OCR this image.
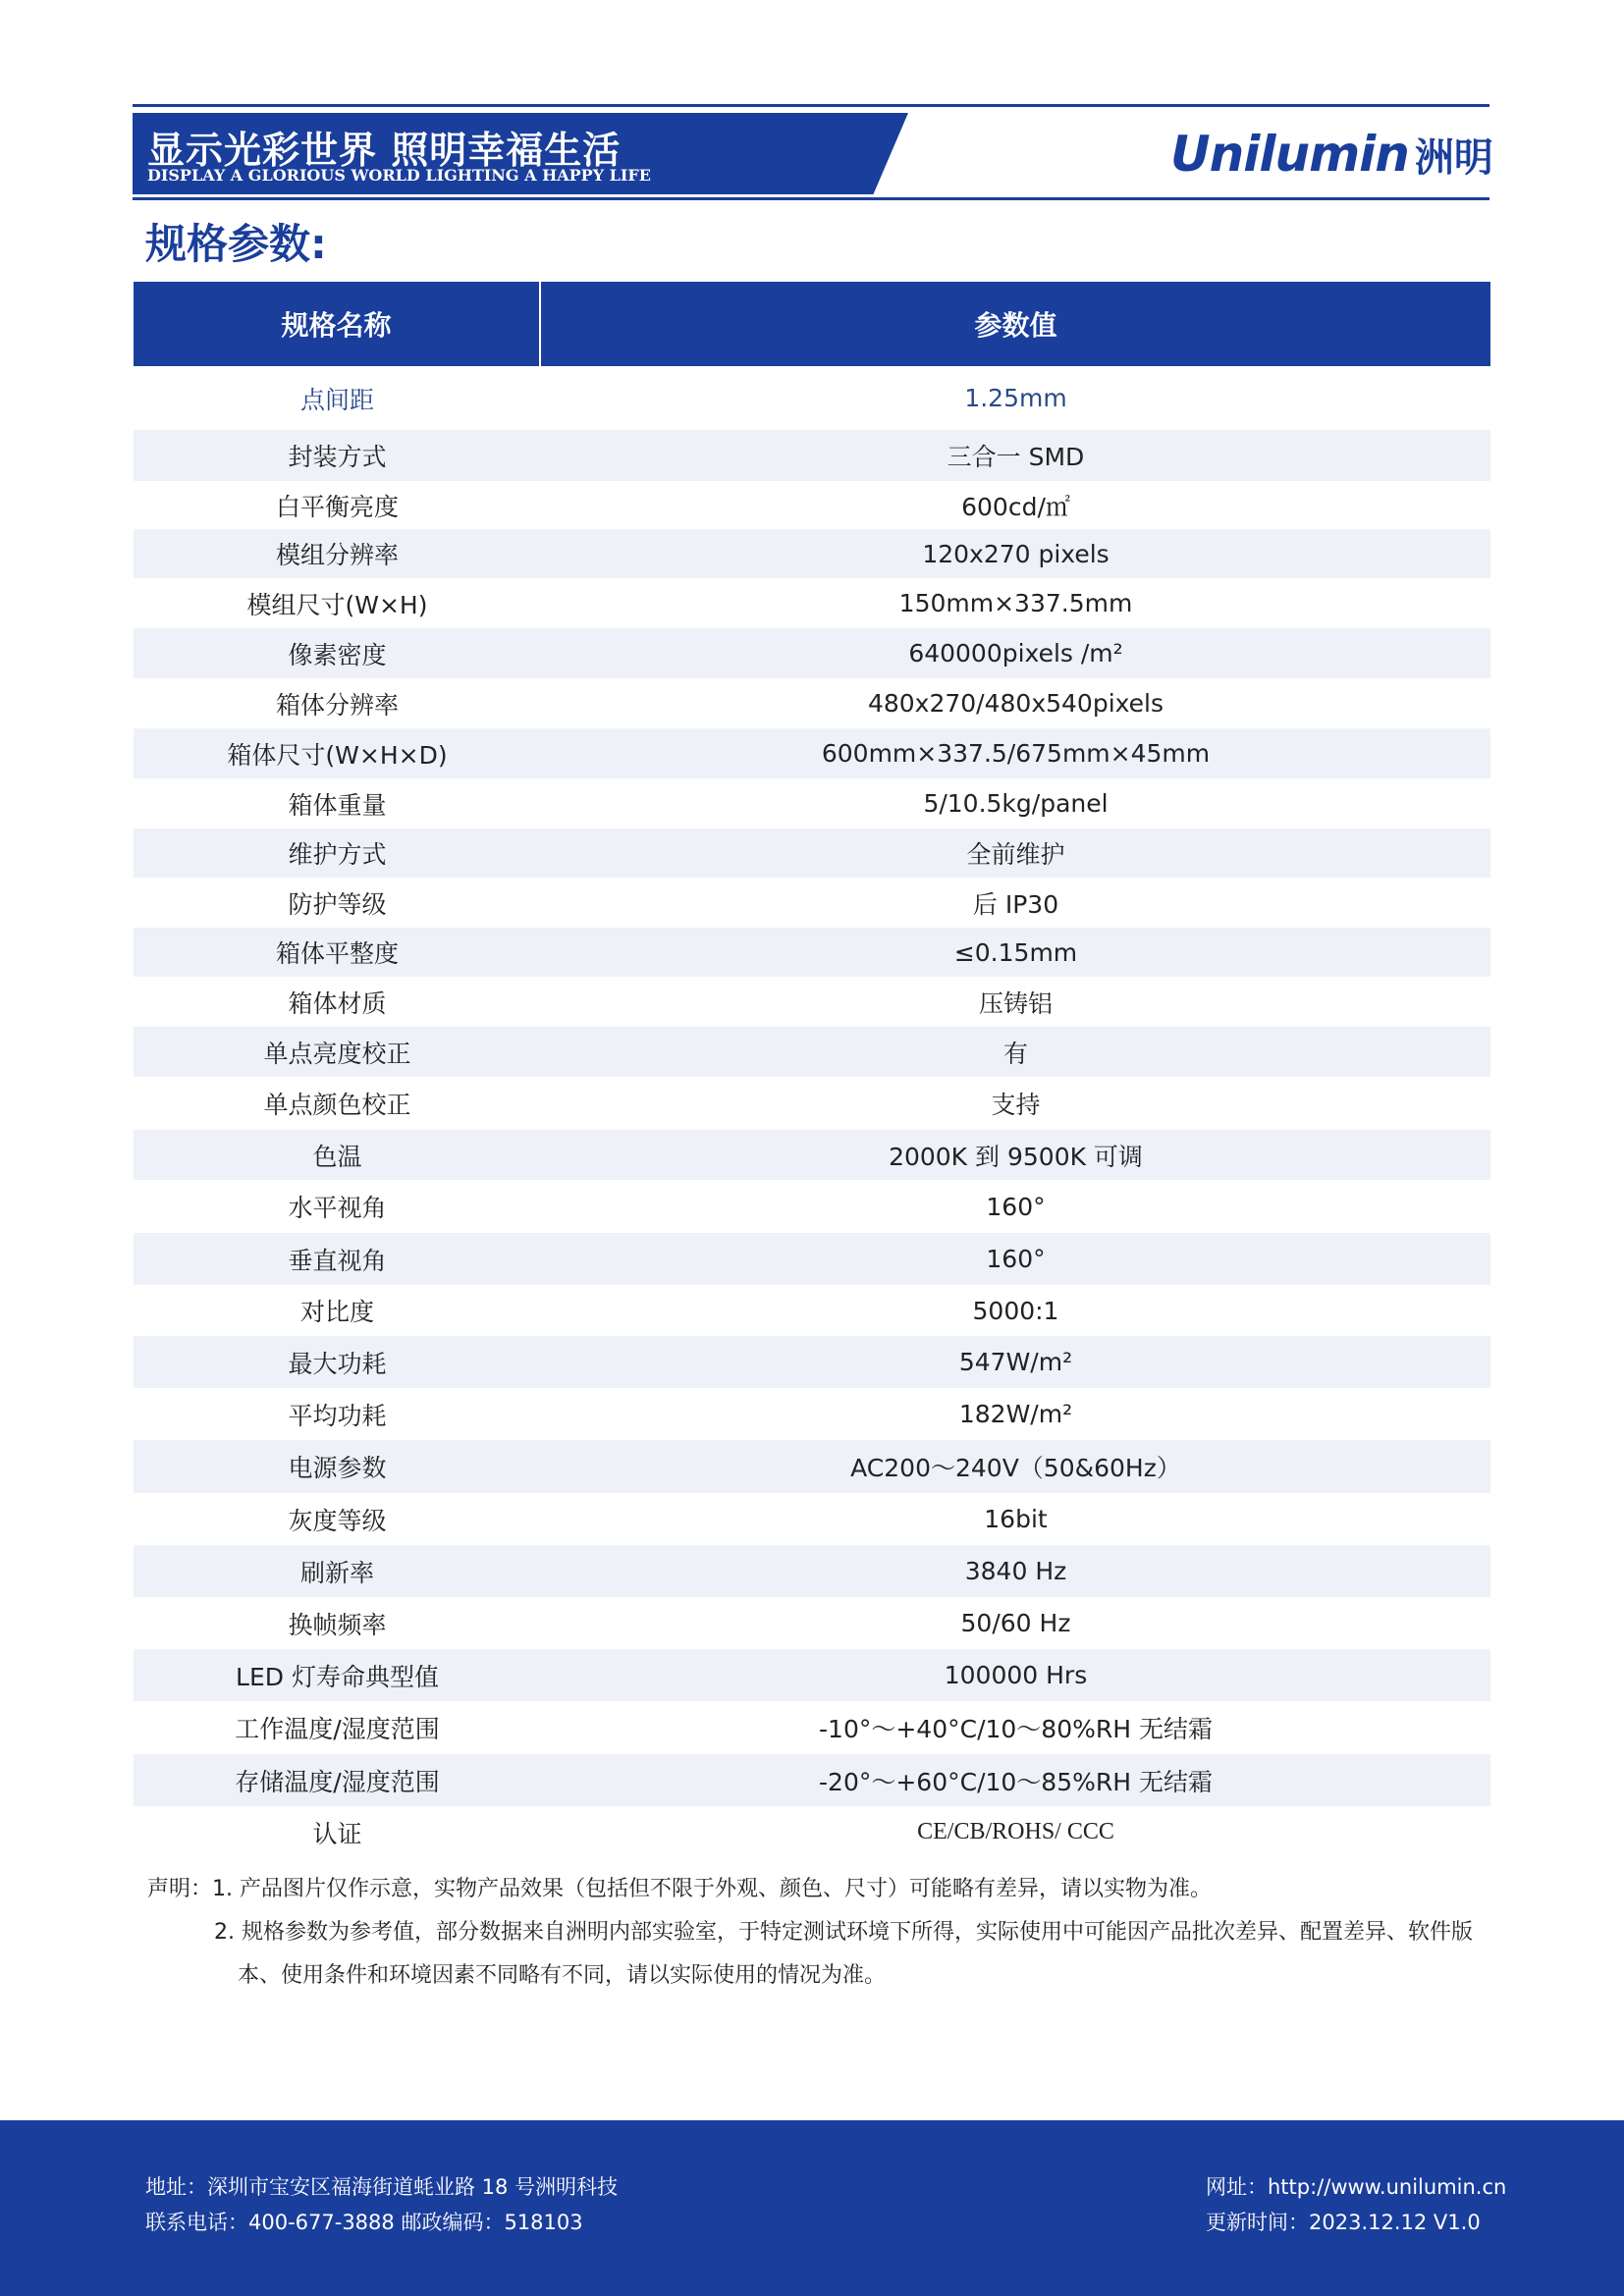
显示光彩世界 照明幸福生活
DISPLAY A GLORIOUS WORLD LIGHTING A HAPPY LIFE	Unilumin 洲明
规格参数:
规格名称	参数值
点间距	1.25mm
封装方式	三合一 SMD
白平衡亮度	600cd/㎡
模组分辨率	120x270 pixels
模组尺寸(W×H)	150mm×337.5mm
像素密度	640000pixels /m²
箱体分辨率	480x270/480x540pixels
箱体尺寸(W×H×D)	600mm×337.5/675mm×45mm
箱体重量	5/10.5kg/panel
维护方式	全前维护
防护等级	后 IP30
箱体平整度	≤0.15mm
箱体材质	压铸铝
单点亮度校正	有
单点颜色校正	支持
色温	2000K 到 9500K 可调
水平视角	160°
垂直视角	160°
对比度	5000:1
最大功耗	547W/m²
平均功耗	182W/m²
电源参数	AC200～240V（50&60Hz）
灰度等级	16bit
刷新率	3840 Hz
换帧频率	50/60 Hz
LED 灯寿命典型值	100000 Hrs
工作温度/湿度范围	-10°～+40°C/10～80%RH 无结霜
存储温度/湿度范围	-20°～+60°C/10～85%RH 无结霜
认证	CE/CB/ROHS/ CCC
声明：1. 产品图片仅作示意，实物产品效果（包括但不限于外观、颜色、尺寸）可能略有差异，请以实物为准。
2. 规格参数为参考值，部分数据来自洲明内部实验室，于特定测试环境下所得，实际使用中可能因产品批次差异、配置差异、软件版
本、使用条件和环境因素不同略有不同，请以实际使用的情况为准。
地址：深圳市宝安区福海街道蚝业路 18 号洲明科技
联系电话：400-677-3888 邮政编码：518103
网址：http://www.unilumin.cn
更新时间：2023.12.12 V1.0
